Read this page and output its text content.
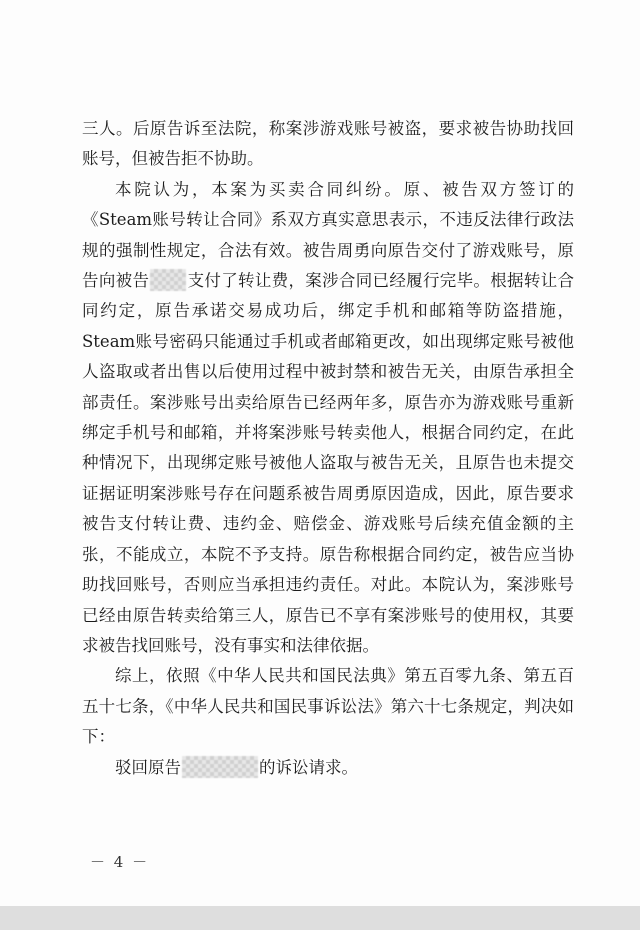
三人。后原告诉至法院，称案涉游戏账号被盗，要求被告协助找回账号，但被告拒不协助。

本院认为，本案为买卖合同纠纷。原、被告双方签订的《Steam账号转让合同》系双方真实意思表示，不违反法律行政法规的强制性规定，合法有效。被告周勇向原告交付了游戏账号，原告向被告 支付了转让费，案涉合同已经履行完毕。根据转让合同约定，原告承诺交易成功后，绑定手机和邮箱等防盗措施，Steam账号密码只能通过手机或者邮箱更改，如出现绑定账号被他人盗取或者出售以后使用过程中被封禁和被告无关，由原告承担全部责任。案涉账号出卖给原告已经两年多，原告亦为游戏账号重新绑定手机号和邮箱，并将案涉账号转卖他人，根据合同约定，在此种情况下，出现绑定账号被他人盗取与被告无关，且原告也未提交证据证明案涉账号存在问题系被告周勇原因造成，因此，原告要求被告支付转让费、违约金、赔偿金、游戏账号后续充值金额的主张，不能成立，本院不予支持。原告称根据合同约定，被告应当协助找回账号，否则应当承担违约责任。对此。本院认为，案涉账号已经由原告转卖给第三人，原告已不享有案涉账号的使用权，其要求被告找回账号，没有事实和法律依据。

综上，依照《中华人民共和国民法典》第五百零九条、第五百五十七条，《中华人民共和国民事诉讼法》第六十七条规定，判决如下：

驳回原告	的诉讼请求。

－ 4 －
